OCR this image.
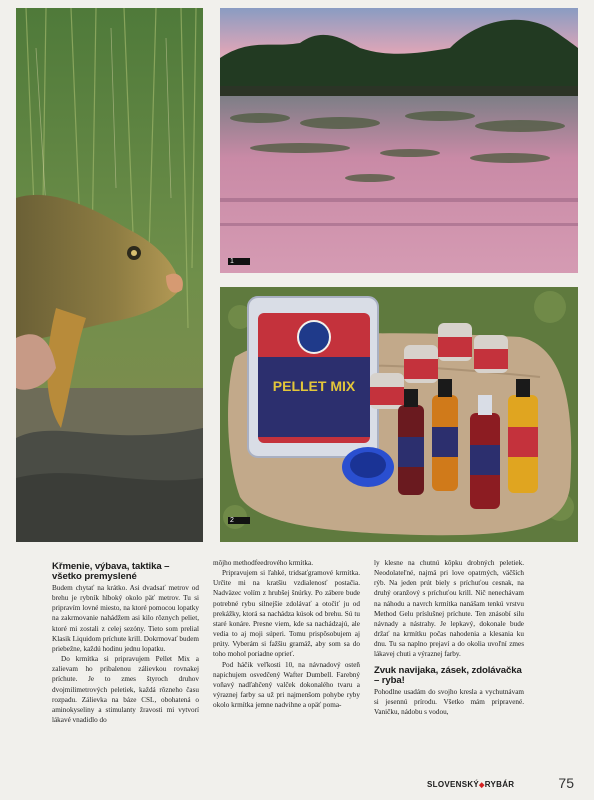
1
PELLET MIX
2
Křmenie, výbava, taktika – všetko premyslené

Budem chytať na krátko. Asi dvadsať metrov od brehu je rybník hlboký okolo päť metrov. Tu si pripravím lovné miesto, na ktoré pomocou lopatky na zakrmovanie nahádžem asi kilo rôznych peliet, ktoré mi zostali z celej sezóny. Tieto som prelial Klasik Liquidom príchute krill. Dokrmovať budem priebežne, každú hodinu jednu lopatku.

Do krmítka si pripravujem Pellet Mix a zalievam ho pribalenou zálievkou rovnakej príchute. Je to zmes štyroch druhov dvojmilimetrových peletiek, každá rôzneho času rozpadu. Zálievka na báze CSL, obohatená o aminokyseliny a stimulanty žravosti mi vytvorí lákavé vnadidlo do

môjho methodfeedrového krmítka.

Pripravujem si ľahké, tridsaťgramové krmítka. Určite mi na kratšiu vzdialenosť postačia. Nadväzec volím z hrubšej šnúrky. Po zábere bude potrebné rybu silnejšie zdolávať a otočiť ju od prekážky, ktorá sa nachádza kúsok od brehu. Sú tu staré konáre. Presne viem, kde sa nachádzajú, ale vedia to aj moji súperi. Tomu prispôsobujem aj prúty. Vyberám si fažšiu gramáž, aby som sa do toho mohol poriadne oprieť.

Pod háčik veľkosti 10, na návnadový osteň napichujem osvedčený Wafter Dumbell. Farebný voňavý nadľahčený valček dokonalého tvaru a výraznej farby sa už pri najmenšom pohybe ryby okolo krmítka jemne nadvihne a opäť poma-

ly klesne na chutnú kôpku drobných peletiek. Neodolateľné, najmä pri love opatrných, väčších rýb. Na jeden prút biely s príchuťou cesnak, na druhý oranžový s príchuťou krill. Nič nenechávam na náhodu a navrch krmítka nanášam tenkú vrstvu Method Gelu príslušnej príchute. Ten znásobí silu návnady a nástrahy. Je lepkavý, dokonale bude držať na krmítku počas nahodenia a klesania ku dnu. Tu sa naplno prejaví a do okolia uvoľní zmes lákavej chuti a výraznej farby.

Zvuk navijaka, zásek, zdolávačka – ryba!

Pohodlne usadám do svojho kresla a vychutnávam si jesennú prírodu. Všetko mám pripravené. Vaničku, nádobu s vodou,

SLOVENSKÝ◆RYBÁR	75
